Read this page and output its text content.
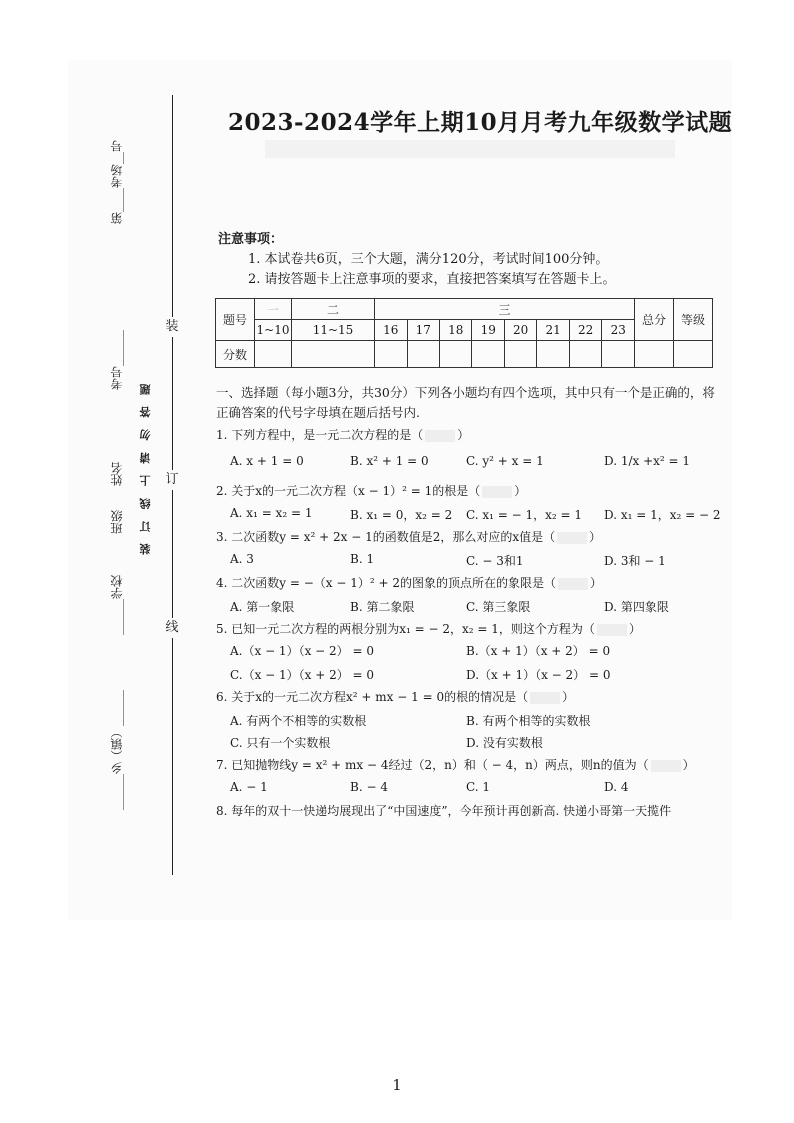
装
订
线
第____考场__号
考号______
姓名
班级
______学校
______乡（镇）______
装 订 线 上 请 勿 答 题
2023-2024学年上期10月月考九年级数学试题
注意事项：
1. 本试卷共6页，三个大题，满分120分，考试时间100分钟。
2. 请按答题卡上注意事项的要求，直接把答案填写在答题卡上。
题号	一	二	三								总分	等级
	1~10	11~15	16	17	18	19	20	21	22	23		
分数												
一、选择题（每小题3分，共30分）下列各小题均有四个选项，其中只有一个是正确的，将正确答案的代号字母填在题后括号内.
1. 下列方程中，是一元二次方程的是（	）
A. x + 1 = 0	B. x² + 1 = 0	C. y² + x = 1	D. 1/x +x² = 1
2. 关于x的一元二次方程（x − 1）² = 1的根是（	）
A. x₁ = x₂ = 1	B. x₁ = 0，x₂ = 2 C. x₁ = − 1，x₂ = 1 D. x₁ = 1，x₂ = − 2
3. 二次函数y = x² + 2x − 1的函数值是2，那么对应的x值是（	）
A. 3	B. 1	C. − 3和1	D. 3和 − 1
4. 二次函数y = −（x − 1）² + 2的图象的顶点所在的象限是（	）
A. 第一象限	B. 第二象限	C. 第三象限	D. 第四象限
5. 已知一元二次方程的两根分别为x₁ = − 2，x₂ = 1，则这个方程为（	）
A.（x − 1）（x − 2） = 0	B.（x + 1）（x + 2） = 0
C.（x − 1）（x + 2） = 0	D.（x + 1）（x − 2） = 0
6. 关于x的一元二次方程x² + mx − 1 = 0的根的情况是（	）
A. 有两个不相等的实数根	B. 有两个相等的实数根
C. 只有一个实数根	D. 没有实数根
7. 已知抛物线y = x² + mx − 4经过（2，n）和（ − 4，n）两点，则n的值为（	）
A. − 1	B. − 4	C. 1	D. 4
8. 每年的双十一快递均展现出了“中国速度”，今年预计再创新高. 快递小哥第一天揽件
1
